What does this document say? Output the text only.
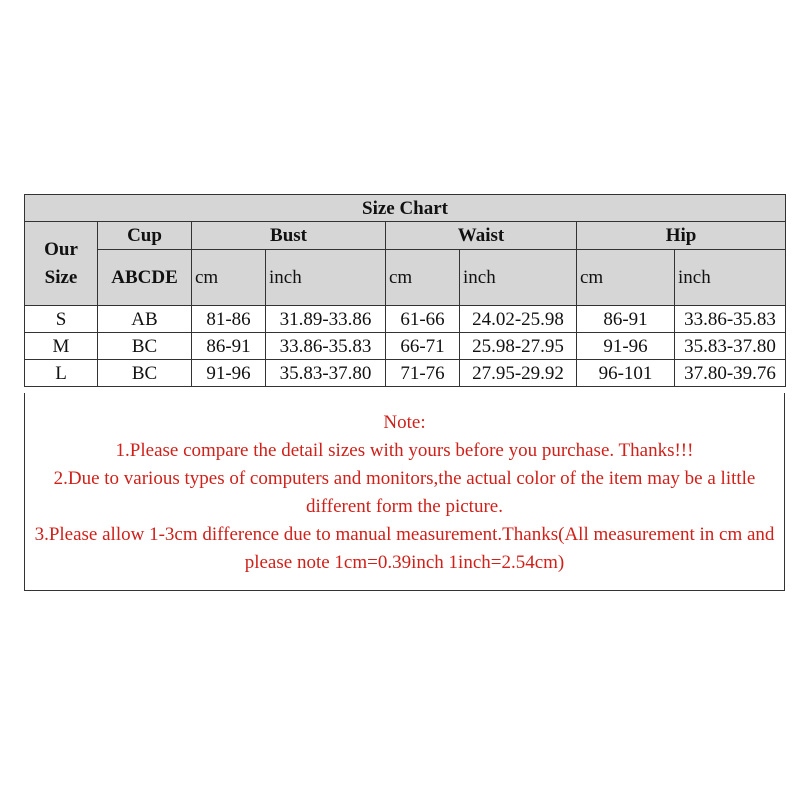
Size Chart							
Our Size	Cup	Bust		Waist		Hip	
	ABCDE	cm	inch	cm	inch	cm	inch
S	AB	81-86	31.89-33.86	61-66	24.02-25.98	86-91	33.86-35.83
M	BC	86-91	33.86-35.83	66-71	25.98-27.95	91-96	35.83-37.80
L	BC	91-96	35.83-37.80	71-76	27.95-29.92	96-101	37.80-39.76

Note:

1.Please compare the detail sizes with yours before you purchase. Thanks!!!

2.Due to various types of computers and monitors,the actual color of the item may be a little different form the picture.

3.Please allow 1-3cm difference due to manual measurement.Thanks(All measurement in cm and please note 1cm=0.39inch 1inch=2.54cm)
